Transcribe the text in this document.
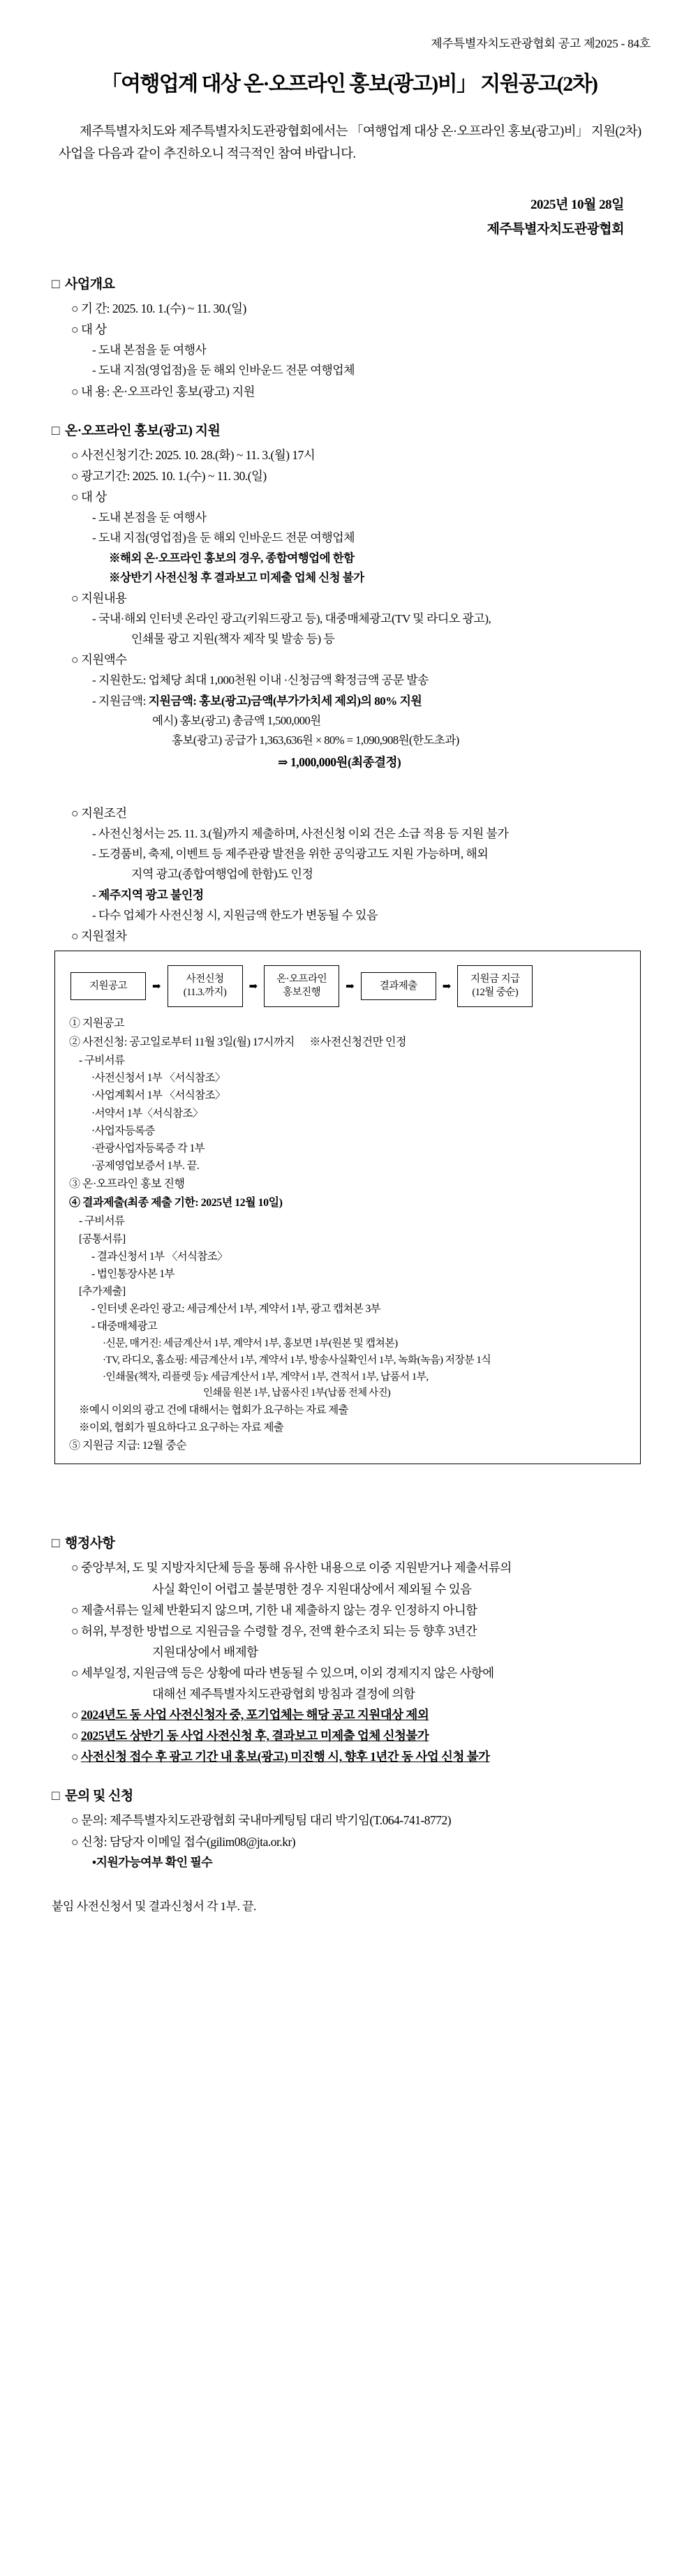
제주특별자치도관광협회 공고 제2025 - 84호
「여행업계 대상 온·오프라인 홍보(광고)비」 지원공고(2차)
제주특별자치도와 제주특별자치도관광협회에서는 「여행업계 대상 온·오프라인 홍보(광고)비」 지원(2차) 사업을 다음과 같이 추진하오니 적극적인 참여 바랍니다.
2025년 10월 28일
제주특별자치도관광협회
□ 사업개요
○ 기 간: 2025. 10. 1.(수) ~ 11. 30.(일)
○ 대 상
- 도내 본점을 둔 여행사
- 도내 지점(영업점)을 둔 해외 인바운드 전문 여행업체
○ 내 용: 온·오프라인 홍보(광고) 지원
□ 온·오프라인 홍보(광고) 지원
○ 사전신청기간: 2025. 10. 28.(화) ~ 11. 3.(월) 17시
○ 광고기간: 2025. 10. 1.(수) ~ 11. 30.(일)
○ 대 상
- 도내 본점을 둔 여행사
- 도내 지점(영업점)을 둔 해외 인바운드 전문 여행업체
※해외 온·오프라인 홍보의 경우, 종합여행업에 한함
※상반기 사전신청 후 결과보고 미제출 업체 신청 불가
○ 지원내용
- 국내·해외 인터넷 온라인 광고(키워드광고 등), 대중매체광고(TV 및 라디오 광고),
인쇄물 광고 지원(책자 제작 및 발송 등) 등
○ 지원액수
- 지원한도: 업체당 최대 1,000천원 이내 ·신청금액 확정금액 공문 발송
- 지원금액: 지원금액: 홍보(광고)금액(부가가치세 제외)의 80% 지원
예시) 홍보(광고) 총금액 1,500,000원
홍보(광고) 공급가 1,363,636원 × 80% = 1,090,908원(한도초과)
⇒ 1,000,000원(최종결정)
○ 지원조건
- 사전신청서는 25. 11. 3.(월)까지 제출하며, 사전신청 이외 건은 소급 적용 등 지원 불가
- 도경품비, 축제, 이벤트 등 제주관광 발전을 위한 공익광고도 지원 가능하며, 해외
지역 광고(종합여행업에 한함)도 인정
- 제주지역 광고 불인정
- 다수 업체가 사전신청 시, 지원금액 한도가 변동될 수 있음
○ 지원절차
지원공고	➡
사전신청
(11.3.까지)
➡
온·오프라인
홍보진행
➡	결과제출	➡
지원금 지급
(12월 중순)
① 지원공고
② 사전신청: 공고일로부터 11월 3일(월) 17시까지 ※사전신청건만 인정
- 구비서류
·사전신청서 1부 〈서식참조〉
·사업계획서 1부 〈서식참조〉
·서약서 1부〈서식참조〉
·사업자등록증
·관광사업자등록증 각 1부
·공제영업보증서 1부. 끝.
③ 온·오프라인 홍보 진행
④ 결과제출(최종 제출 기한: 2025년 12월 10일)
- 구비서류
[공통서류]
- 결과신청서 1부 〈서식참조〉
- 법인통장사본 1부
[추가제출]
- 인터넷 온라인 광고: 세금계산서 1부, 계약서 1부, 광고 캡쳐본 3부
- 대중매체광고
·신문, 매거진: 세금계산서 1부, 계약서 1부, 홍보면 1부(원본 및 캡쳐본)
·TV, 라디오, 홈쇼핑: 세금계산서 1부, 계약서 1부, 방송사실확인서 1부, 녹화(녹음) 저장분 1식
·인쇄물(책자, 리플렛 등): 세금계산서 1부, 계약서 1부, 견적서 1부, 납품서 1부,
인쇄물 원본 1부, 납품사진 1부(납품 전체 사진)
※예시 이외의 광고 건에 대해서는 협회가 요구하는 자료 제출
※이외, 협회가 필요하다고 요구하는 자료 제출
⑤ 지원금 지급: 12월 중순
□ 행정사항
○ 중앙부처, 도 및 지방자치단체 등을 통해 유사한 내용으로 이중 지원받거나 제출서류의
사실 확인이 어렵고 불분명한 경우 지원대상에서 제외될 수 있음
○ 제출서류는 일체 반환되지 않으며, 기한 내 제출하지 않는 경우 인정하지 아니함
○ 허위, 부정한 방법으로 지원금을 수령할 경우, 전액 환수조치 되는 등 향후 3년간
지원대상에서 배제함
○ 세부일정, 지원금액 등은 상황에 따라 변동될 수 있으며, 이외 경제지지 않은 사항에
대해선 제주특별자치도관광협회 방침과 결정에 의함
○ 2024년도 동 사업 사전신청자 중, 포기업체는 해당 공고 지원대상 제외
○ 2025년도 상반기 동 사업 사전신청 후, 결과보고 미제출 업체 신청불가
○ 사전신청 접수 후 광고 기간 내 홍보(광고) 미진행 시, 향후 1년간 동 사업 신청 불가
□ 문의 및 신청
○ 문의: 제주특별자치도관광협회 국내마케팅팀 대리 박기임(T.064-741-8772)
○ 신청: 담당자 이메일 접수(gilim08@jta.or.kr)
•지원가능여부 확인 필수
붙임 사전신청서 및 결과신청서 각 1부. 끝.
